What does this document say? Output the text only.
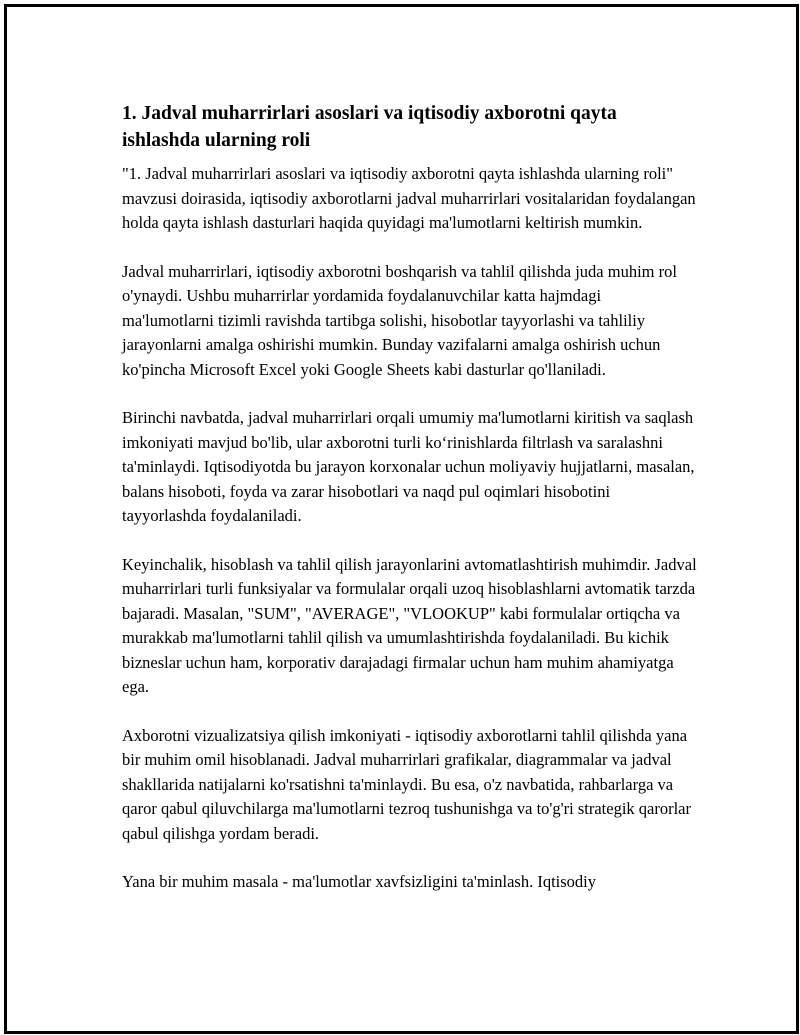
1. Jadval muharrirlari asoslari va iqtisodiy axborotni qayta ishlashda ularning roli

"1. Jadval muharrirlari asoslari va iqtisodiy axborotni qayta ishlashda ularning roli" mavzusi doirasida, iqtisodiy axborotlarni jadval muharrirlari vositalaridan foydalangan holda qayta ishlash dasturlari haqida quyidagi ma'lumotlarni keltirish mumkin.

Jadval muharrirlari, iqtisodiy axborotni boshqarish va tahlil qilishda juda muhim rol o'ynaydi. Ushbu muharrirlar yordamida foydalanuvchilar katta hajmdagi ma'lumotlarni tizimli ravishda tartibga solishi, hisobotlar tayyorlashi va tahliliy jarayonlarni amalga oshirishi mumkin. Bunday vazifalarni amalga oshirish uchun ko'pincha Microsoft Excel yoki Google Sheets kabi dasturlar qo'llaniladi.

Birinchi navbatda, jadval muharrirlari orqali umumiy ma'lumotlarni kiritish va saqlash imkoniyati mavjud bo'lib, ular axborotni turli ko‘rinishlarda filtrlash va saralashni ta'minlaydi. Iqtisodiyotda bu jarayon korxonalar uchun moliyaviy hujjatlarni, masalan, balans hisoboti, foyda va zarar hisobotlari va naqd pul oqimlari hisobotini tayyorlashda foydalaniladi.

Keyinchalik, hisoblash va tahlil qilish jarayonlarini avtomatlashtirish muhimdir. Jadval muharrirlari turli funksiyalar va formulalar orqali uzoq hisoblashlarni avtomatik tarzda bajaradi. Masalan, "SUM", "AVERAGE", "VLOOKUP" kabi formulalar ortiqcha va murakkab ma'lumotlarni tahlil qilish va umumlashtirishda foydalaniladi. Bu kichik bizneslar uchun ham, korporativ darajadagi firmalar uchun ham muhim ahamiyatga ega.

Axborotni vizualizatsiya qilish imkoniyati - iqtisodiy axborotlarni tahlil qilishda yana bir muhim omil hisoblanadi. Jadval muharrirlari grafikalar, diagrammalar va jadval shakllarida natijalarni ko'rsatishni ta'minlaydi. Bu esa, o'z navbatida, rahbarlarga va qaror qabul qiluvchilarga ma'lumotlarni tezroq tushunishga va to'g'ri strategik qarorlar qabul qilishga yordam beradi.

Yana bir muhim masala - ma'lumotlar xavfsizligini ta'minlash. Iqtisodiy
